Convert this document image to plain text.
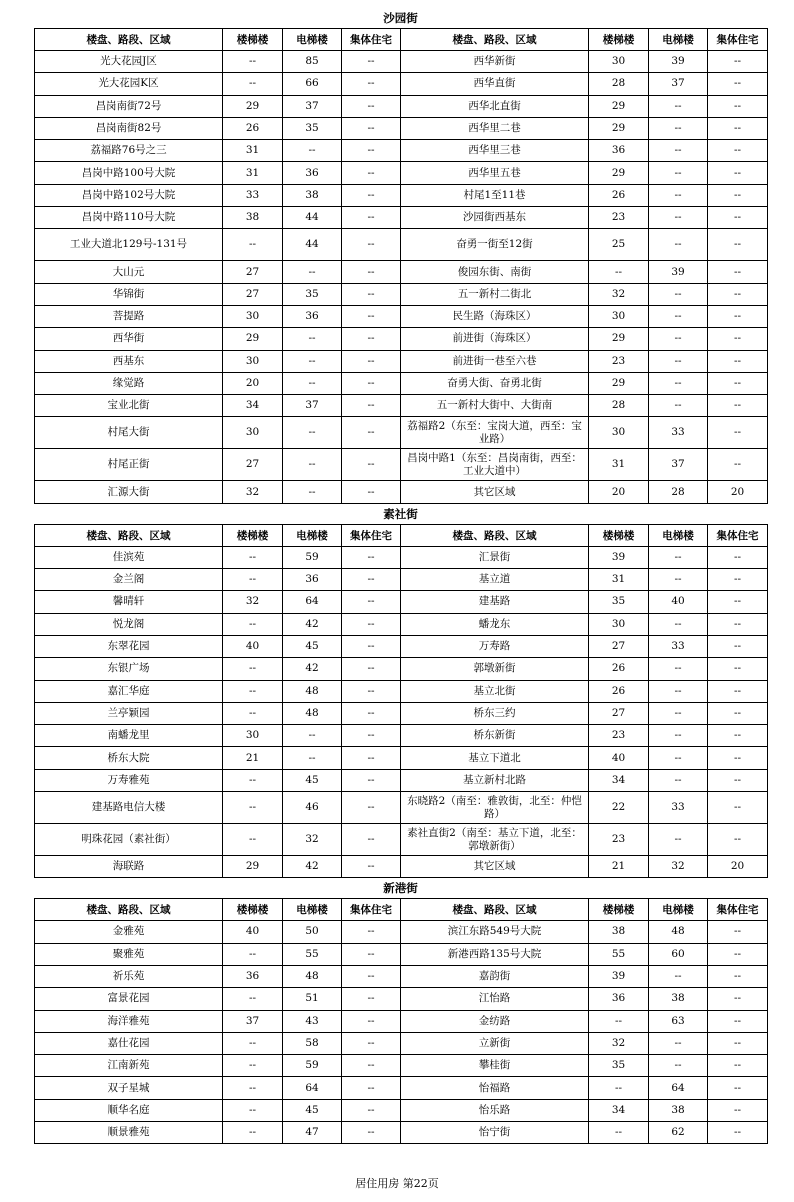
沙园街
楼盘、路段、区域	楼梯楼	电梯楼	集体住宅	楼盘、路段、区域	楼梯楼	电梯楼	集体住宅
光大花园J区	--	85	--	西华新街	30	39	--
光大花园K区	--	66	--	西华直街	28	37	--
昌岗南街72号	29	37	--	西华北直街	29	--	--
昌岗南街82号	26	35	--	西华里二巷	29	--	--
荔福路76号之三	31	--	--	西华里三巷	36	--	--
昌岗中路100号大院	31	36	--	西华里五巷	29	--	--
昌岗中路102号大院	33	38	--	村尾1至11巷	26	--	--
昌岗中路110号大院	38	44	--	沙园街西基东	23	--	--
工业大道北129号-131号	--	44	--	奋勇一街至12街	25	--	--
大山元	27	--	--	俊园东街、南街	--	39	--
华锦街	27	35	--	五一新村二街北	32	--	--
菩提路	30	36	--	民生路（海珠区）	30	--	--
西华街	29	--	--	前进街（海珠区）	29	--	--
西基东	30	--	--	前进街一巷至六巷	23	--	--
缘觉路	20	--	--	奋勇大街、奋勇北街	29	--	--
宝业北街	34	37	--	五一新村大街中、大街南	28	--	--
村尾大街	30	--	--	荔福路2（东至：宝岗大道，西至：宝业路）	30	33	--
村尾正街	27	--	--	昌岗中路1（东至：昌岗南街，西至：工业大道中）	31	37	--
汇源大街	32	--	--	其它区域	20	28	20
素社街
楼盘、路段、区域	楼梯楼	电梯楼	集体住宅	楼盘、路段、区域	楼梯楼	电梯楼	集体住宅
佳滨苑	--	59	--	汇景街	39	--	--
金兰阁	--	36	--	基立道	31	--	--
馨晴轩	32	64	--	建基路	35	40	--
悦龙阁	--	42	--	蟠龙东	30	--	--
东翠花园	40	45	--	万寿路	27	33	--
东银广场	--	42	--	郭墩新街	26	--	--
嘉汇华庭	--	48	--	基立北街	26	--	--
兰亭颖园	--	48	--	桥东三约	27	--	--
南蟠龙里	30	--	--	桥东新街	23	--	--
桥东大院	21	--	--	基立下道北	40	--	--
万寿雅苑	--	45	--	基立新村北路	34	--	--
建基路电信大楼	--	46	--	东晓路2（南至：雅敦街，北至：仲恺路）	22	33	--
明珠花园（素社街）	--	32	--	素社直街2（南至：基立下道，北至：郭墩新街）	23	--	--
海联路	29	42	--	其它区域	21	32	20
新港街
楼盘、路段、区域	楼梯楼	电梯楼	集体住宅	楼盘、路段、区域	楼梯楼	电梯楼	集体住宅
金雅苑	40	50	--	滨江东路549号大院	38	48	--
聚雅苑	--	55	--	新港西路135号大院	55	60	--
祈乐苑	36	48	--	嘉韵街	39	--	--
富景花园	--	51	--	江怡路	36	38	--
海洋雅苑	37	43	--	金纺路	--	63	--
嘉仕花园	--	58	--	立新街	32	--	--
江南新苑	--	59	--	攀桂街	35	--	--
双子星城	--	64	--	怡福路	--	64	--
顺华名庭	--	45	--	怡乐路	34	38	--
顺景雅苑	--	47	--	怡宁街	--	62	--
居住用房 第22页
